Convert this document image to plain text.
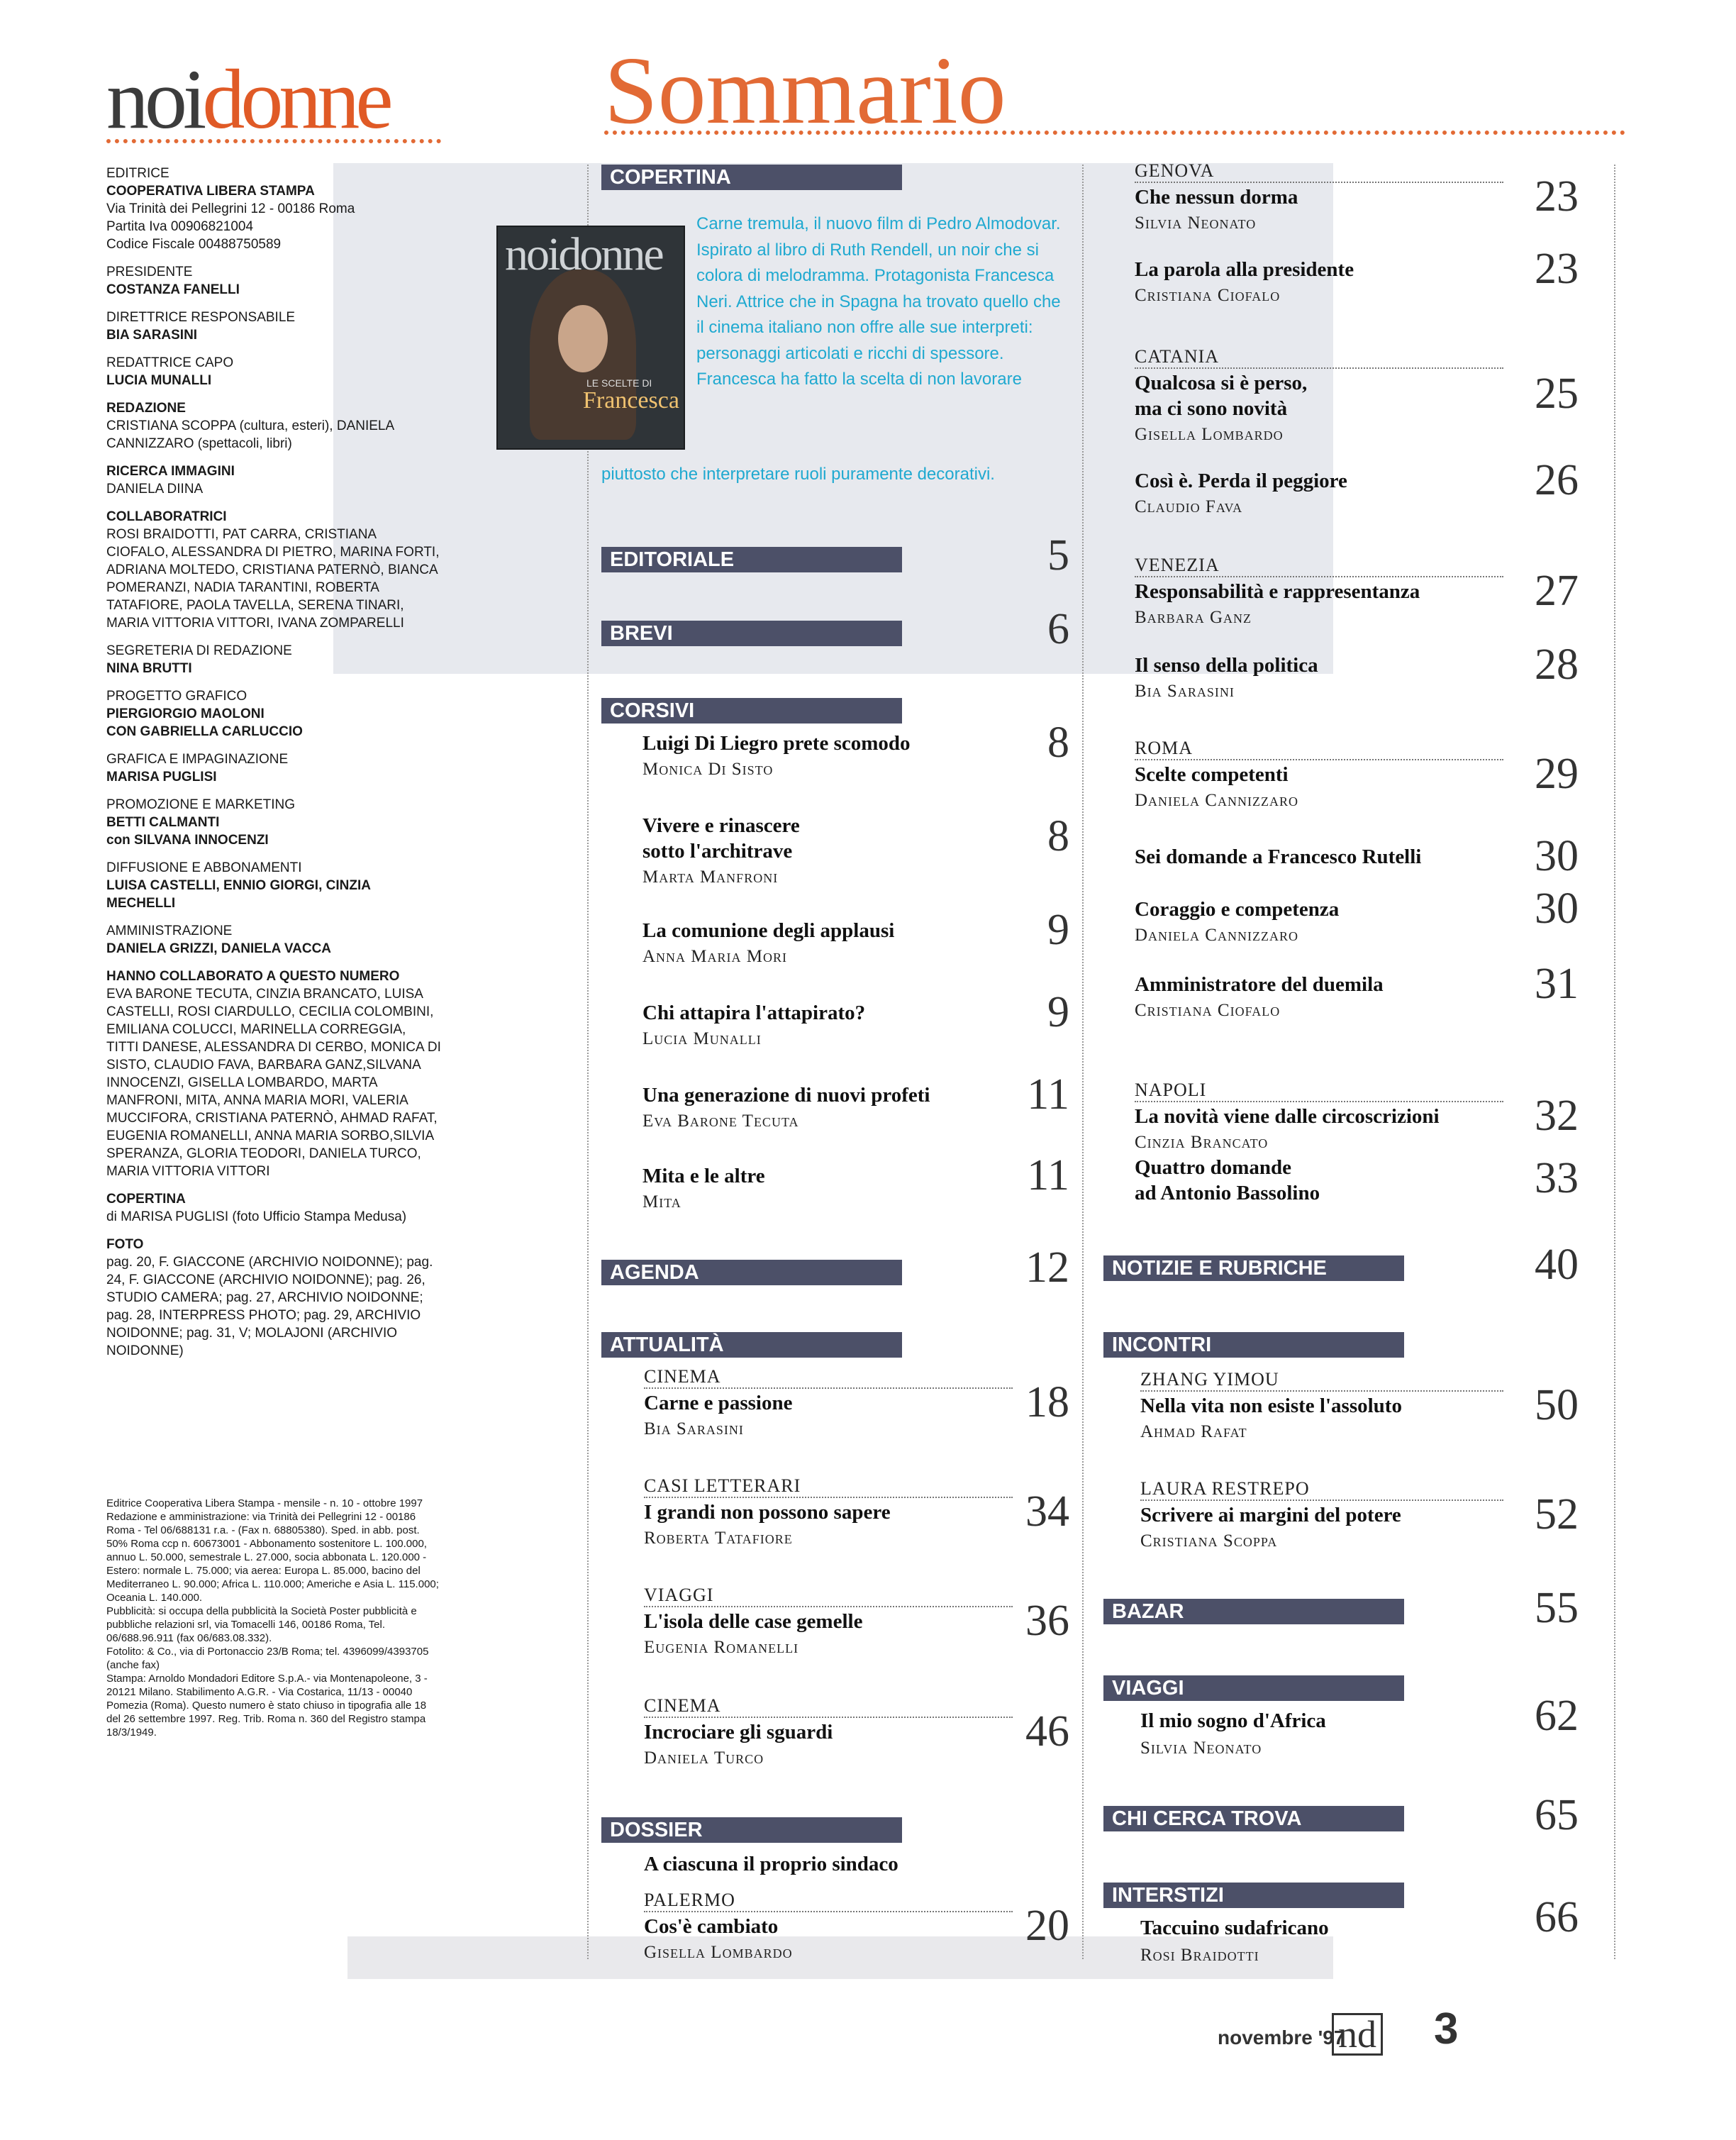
noidonne Sommario
EDITRICE
COOPERATIVA LIBERA STAMPA
Via Trinità dei Pellegrini 12 - 00186 Roma
Partita Iva 00906821004
Codice Fiscale 00488750589
PRESIDENTE
COSTANZA FANELLI
DIRETTRICE RESPONSABILE
BIA SARASINI
REDATTRICE CAPO
LUCIA MUNALLI
REDAZIONE
CRISTIANA SCOPPA (cultura, esteri), DANIELA CANNIZZARO (spettacoli, libri)
RICERCA IMMAGINI
DANIELA DIINA
COLLABORATRICI
ROSI BRAIDOTTI, PAT CARRA, CRISTIANA CIOFALO, ALESSANDRA DI PIETRO, MARINA FORTI, ADRIANA MOLTEDO, CRISTIANA PATERNÒ, BIANCA POMERANZI, NADIA TARANTINI, ROBERTA TATAFIORE, PAOLA TAVELLA, SERENA TINARI, MARIA VITTORIA VITTORI, IVANA ZOMPARELLI
SEGRETERIA DI REDAZIONE
NINA BRUTTI
PROGETTO GRAFICO
PIERGIORGIO MAOLONI
CON GABRIELLA CARLUCCIO
GRAFICA E IMPAGINAZIONE
MARISA PUGLISI
PROMOZIONE E MARKETING
BETTI CALMANTI
con SILVANA INNOCENZI
DIFFUSIONE E ABBONAMENTI
LUISA CASTELLI, ENNIO GIORGI, CINZIA MECHELLI
AMMINISTRAZIONE
DANIELA GRIZZI, DANIELA VACCA
HANNO COLLABORATO A QUESTO NUMERO
EVA BARONE TECUTA, CINZIA BRANCATO, LUISA CASTELLI, ROSI CIARDULLO, CECILIA COLOMBINI, EMILIANA COLUCCI, MARINELLA CORREGGIA, TITTI DANESE, ALESSANDRA DI CERBO, MONICA DI SISTO, CLAUDIO FAVA, BARBARA GANZ,SILVANA INNOCENZI, GISELLA LOMBARDO, MARTA MANFRONI, MITA, ANNA MARIA MORI, VALERIA MUCCIFORA, CRISTIANA PATERNÒ, AHMAD RAFAT, EUGENIA ROMANELLI, ANNA MARIA SORBO,SILVIA SPERANZA, GLORIA TEODORI, DANIELA TURCO, MARIA VITTORIA VITTORI
COPERTINA
di MARISA PUGLISI (foto Ufficio Stampa Medusa)
FOTO
pag. 20, F. GIACCONE (ARCHIVIO NOIDONNE); pag. 24, F. GIACCONE (ARCHIVIO NOIDONNE); pag. 26, STUDIO CAMERA; pag. 27, ARCHIVIO NOIDONNE; pag. 28, INTERPRESS PHOTO; pag. 29, ARCHIVIO NOIDONNE; pag. 31, V; MOLAJONI (ARCHIVIO NOIDONNE)
Editrice Cooperativa Libera Stampa - mensile - n. 10 - ottobre 1997
Redazione e amministrazione: via Trinità dei Pellegrini 12 - 00186 Roma - Tel 06/688131 r.a. - (Fax n. 68805380). Sped. in abb. post. 50% Roma ccp n. 60673001 - Abbonamento sostenitore L. 100.000, annuo L. 50.000, semestrale L. 27.000, socia abbonata L. 120.000 - Estero: normale L. 75.000; via aerea: Europa L. 85.000, bacino del Mediterraneo L. 90.000; Africa L. 110.000; Americhe e Asia L. 115.000; Oceania L. 140.000.
Pubblicità: si occupa della pubblicità la Società Poster pubblicità e pubbliche relazioni srl, via Tomacelli 146, 00186 Roma, Tel. 06/688.96.911 (fax 06/683.08.332).
Fotolito: & Co., via di Portonaccio 23/B Roma; tel. 4396099/4393705 (anche fax)
Stampa: Arnoldo Mondadori Editore S.p.A.- via Montenapoleone, 3 - 20121 Milano. Stabilimento A.G.R. - Via Costarica, 11/13 - 00040 Pomezia (Roma). Questo numero è stato chiuso in tipografia alle 18 del 26 settembre 1997. Reg. Trib. Roma n. 360 del Registro stampa 18/3/1949.
COPERTINA
noidonne
LE SCELTE DI
Francesca
Carne tremula, il nuovo film di Pedro Almodovar. Ispirato al libro di Ruth Rendell, un noir che si colora di melodramma. Protagonista Francesca Neri. Attrice che in Spagna ha trovato quello che il cinema italiano non offre alle sue interpreti: personaggi articolati e ricchi di spessore. Francesca ha fatto la scelta di non lavorare
piuttosto che interpretare ruoli puramente decorativi.
EDITORIALE	5
BREVI	6
CORSIVI
Luigi Di Liegro prete scomodo
Monica Di Sisto
8
Vivere e rinascere
sotto l'architrave
Marta Manfroni
8
La comunione degli applausi
Anna Maria Mori
9
Chi attapira l'attapirato?
Lucia Munalli
9
Una generazione di nuovi profeti
Eva Barone Tecuta
11
Mita e le altre
Mita
11
AGENDA	12
ATTUALITÀ
CINEMA
Carne e passione
Bia Sarasini
18
CASI LETTERARI
I grandi non possono sapere
Roberta Tatafiore
34
VIAGGI
L'isola delle case gemelle
Eugenia Romanelli
36
CINEMA
Incrociare gli sguardi
Daniela Turco
46
DOSSIER
A ciascuna il proprio sindaco
PALERMO
Cos'è cambiato
Gisella Lombardo
20
GENOVA
Che nessun dorma
Silvia Neonato
23
La parola alla presidente
Cristiana Ciofalo
23
CATANIA
Qualcosa si è perso,
ma ci sono novità
Gisella Lombardo
25
Così è. Perda il peggiore
Claudio Fava
26
VENEZIA
Responsabilità e rappresentanza
Barbara Ganz
27
Il senso della politica
Bia Sarasini
28
ROMA
Scelte competenti
Daniela Cannizzaro
29
Sei domande a Francesco Rutelli	30
Coraggio e competenza
Daniela Cannizzaro
30
Amministratore del duemila
Cristiana Ciofalo
31
NAPOLI
La novità viene dalle circoscrizioni
Cinzia Brancato
32
Quattro domande
ad Antonio Bassolino	33
NOTIZIE E RUBRICHE	40
INCONTRI
ZHANG YIMOU
Nella vita non esiste l'assoluto
Ahmad Rafat
50
LAURA RESTREPO
Scrivere ai margini del potere
Cristiana Scoppa
52
BAZAR	55
VIAGGI
Il mio sogno d'Africa
Silvia Neonato
62
CHI CERCA TROVA	65
INTERSTIZI
Taccuino sudafricano
Rosi Braidotti
66
novembre '97
nd 3
